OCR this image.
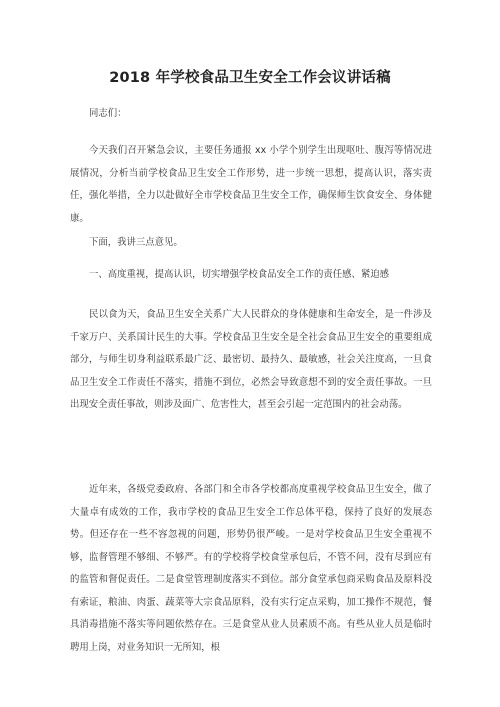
2018 年学校食品卫生安全工作会议讲话稿
同志们：
今天我们召开紧急会议，主要任务通报 xx 小学个别学生出现呕吐、腹泻等情况进展情况，分析当前学校食品卫生安全工作形势，进一步统一思想，提高认识，落实责任，强化举措，全力以赴做好全市学校食品卫生安全工作，确保师生饮食安全、身体健康。
下面，我讲三点意见。
一、高度重视，提高认识，切实增强学校食品安全工作的责任感、紧迫感
民以食为天，食品卫生安全关系广大人民群众的身体健康和生命安全，是一件涉及千家万户、关系国计民生的大事。学校食品卫生安全是全社会食品卫生安全的重要组成部分，与师生切身利益联系最广泛、最密切、最持久、最敏感，社会关注度高，一旦食品卫生安全工作责任不落实，措施不到位，必然会导致意想不到的安全责任事故。一旦出现安全责任事故，则涉及面广、危害性大，甚至会引起一定范围内的社会动荡。
近年来，各级党委政府、各部门和全市各学校都高度重视学校食品卫生安全，做了大量卓有成效的工作，我市学校的食品卫生安全工作总体平稳，保持了良好的发展态势。但还存在一些不容忽视的问题，形势仍很严峻。一是对学校食品卫生安全重视不够，监督管理不够细、不够严。有的学校将学校食堂承包后，不管不问，没有尽到应有的监管和督促责任。二是食堂管理制度落实不到位。部分食堂承包商采购食品及原料没有索证，粮油、肉蛋、蔬菜等大宗食品原料，没有实行定点采购，加工操作不规范，餐具消毒措施不落实等问题依然存在。三是食堂从业人员素质不高。有些从业人员是临时聘用上岗，对业务知识一无所知，根
